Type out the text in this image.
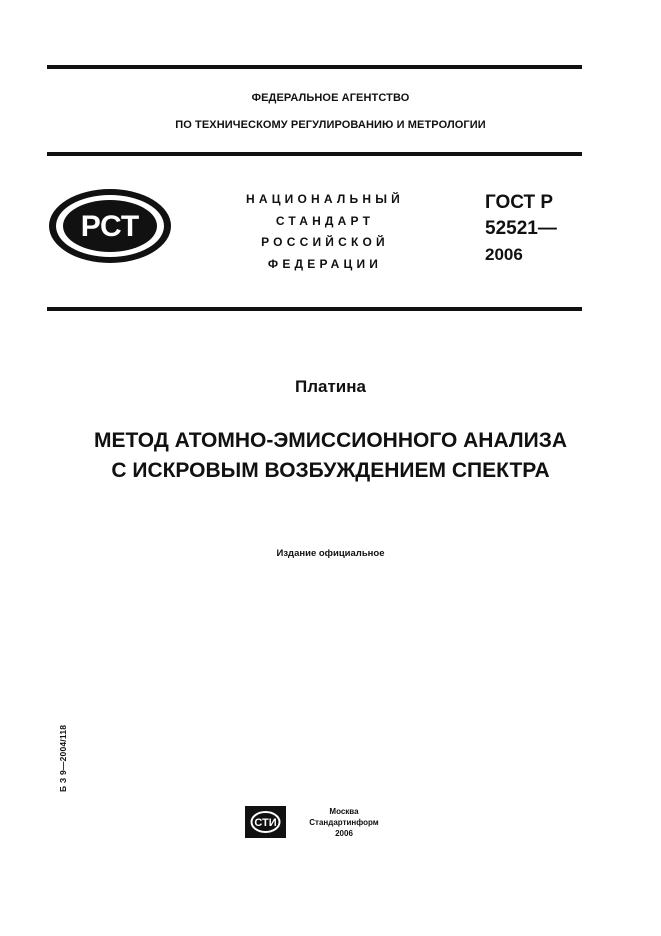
ФЕДЕРАЛЬНОЕ АГЕНТСТВО
ПО ТЕХНИЧЕСКОМУ РЕГУЛИРОВАНИЮ И МЕТРОЛОГИИ
РСТ
НАЦИОНАЛЬНЫЙ
СТАНДАРТ
РОССИЙСКОЙ
ФЕДЕРАЦИИ
ГОСТ Р
52521—
2006
Платина
МЕТОД АТОМНО-ЭМИССИОННОГО АНАЛИЗА
С ИСКРОВЫМ ВОЗБУЖДЕНИЕМ СПЕКТРА
Издание официальное
Б З 9—2004/118
СТИ
Москва
Стандартинформ
2006
